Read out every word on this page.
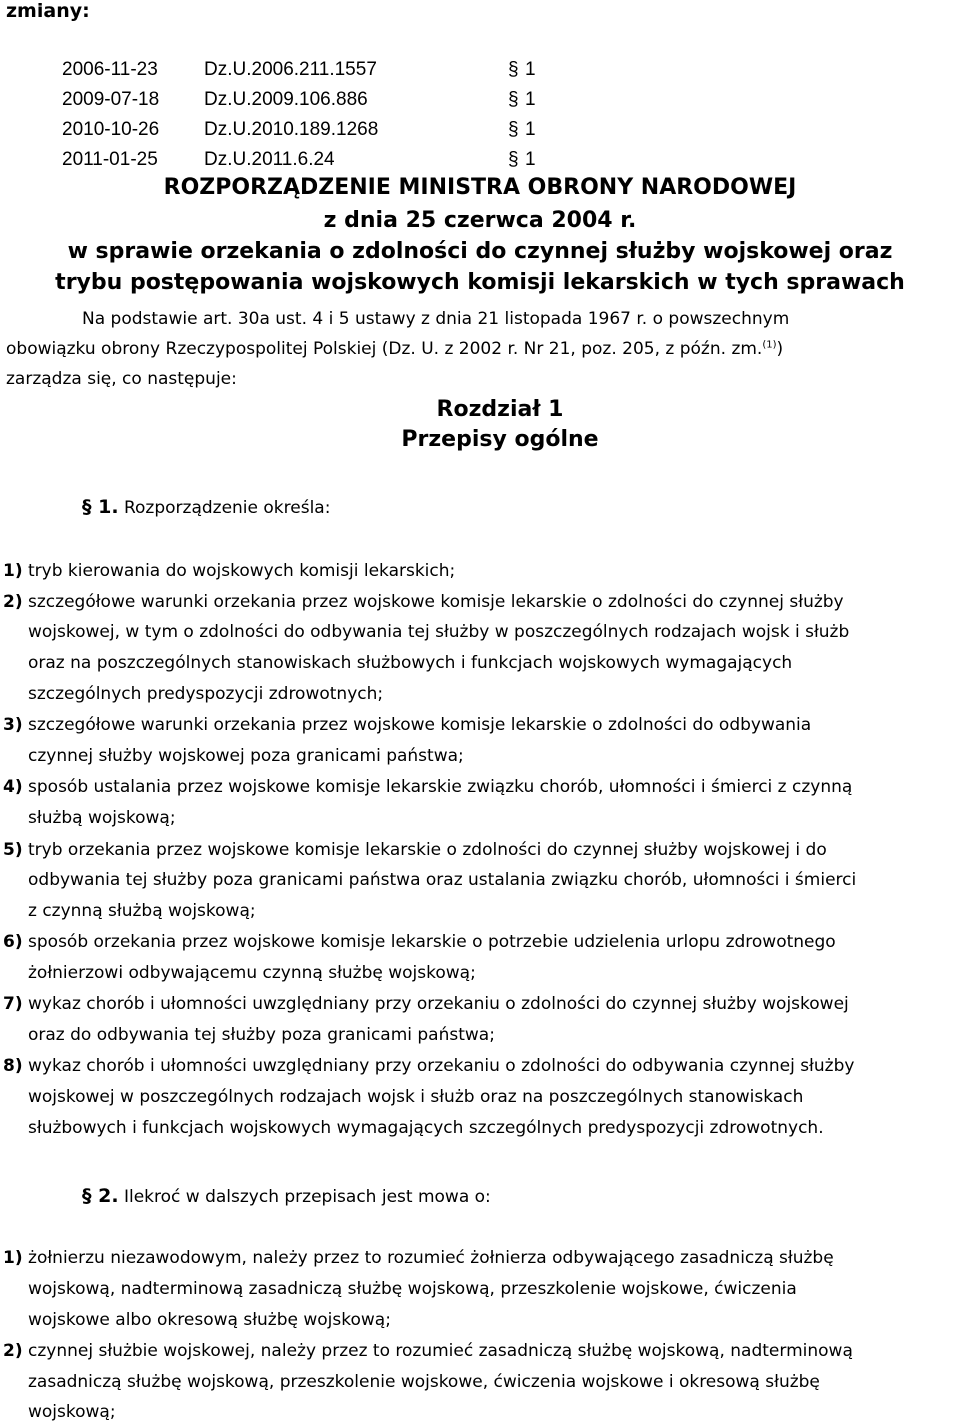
zmiany:
2006-11-23 Dz.U.2006.211.1557	§ 1
2009-07-18 Dz.U.2009.106.886	§ 1
2010-10-26 Dz.U.2010.189.1268	§ 1
2011-01-25 Dz.U.2011.6.24	§ 1
ROZPORZĄDZENIE MINISTRA OBRONY NARODOWEJ
z dnia 25 czerwca 2004 r.
w sprawie orzekania o zdolności do czynnej służby wojskowej oraz
trybu postępowania wojskowych komisji lekarskich w tych sprawach
Na podstawie art. 30a ust. 4 i 5 ustawy z dnia 21 listopada 1967 r. o powszechnym
obowiązku obrony Rzeczypospolitej Polskiej (Dz. U. z 2002 r. Nr 21, poz. 205, z późn. zm.$^{(1)}$)
zarządza się, co następuje:
Rozdział 1
Przepisy ogólne
§ 1. Rozporządzenie określa:
1) tryb kierowania do wojskowych komisji lekarskich;
2) szczegółowe warunki orzekania przez wojskowe komisje lekarskie o zdolności do czynnej służby
wojskowej, w tym o zdolności do odbywania tej służby w poszczególnych rodzajach wojsk i służb
oraz na poszczególnych stanowiskach służbowych i funkcjach wojskowych wymagających
szczególnych predyspozycji zdrowotnych;
3) szczegółowe warunki orzekania przez wojskowe komisje lekarskie o zdolności do odbywania
czynnej służby wojskowej poza granicami państwa;
4) sposób ustalania przez wojskowe komisje lekarskie związku chorób, ułomności i śmierci z czynną
służbą wojskową;
5) tryb orzekania przez wojskowe komisje lekarskie o zdolności do czynnej służby wojskowej i do
odbywania tej służby poza granicami państwa oraz ustalania związku chorób, ułomności i śmierci
z czynną służbą wojskową;
6) sposób orzekania przez wojskowe komisje lekarskie o potrzebie udzielenia urlopu zdrowotnego
żołnierzowi odbywającemu czynną służbę wojskową;
7) wykaz chorób i ułomności uwzględniany przy orzekaniu o zdolności do czynnej służby wojskowej
oraz do odbywania tej służby poza granicami państwa;
8) wykaz chorób i ułomności uwzględniany przy orzekaniu o zdolności do odbywania czynnej służby
wojskowej w poszczególnych rodzajach wojsk i służb oraz na poszczególnych stanowiskach
służbowych i funkcjach wojskowych wymagających szczególnych predyspozycji zdrowotnych.
§ 2. Ilekroć w dalszych przepisach jest mowa o:
1) żołnierzu niezawodowym, należy przez to rozumieć żołnierza odbywającego zasadniczą służbę
wojskową, nadterminową zasadniczą służbę wojskową, przeszkolenie wojskowe, ćwiczenia
wojskowe albo okresową służbę wojskową;
2) czynnej służbie wojskowej, należy przez to rozumieć zasadniczą służbę wojskową, nadterminową
zasadniczą służbę wojskową, przeszkolenie wojskowe, ćwiczenia wojskowe i okresową służbę
wojskową;
